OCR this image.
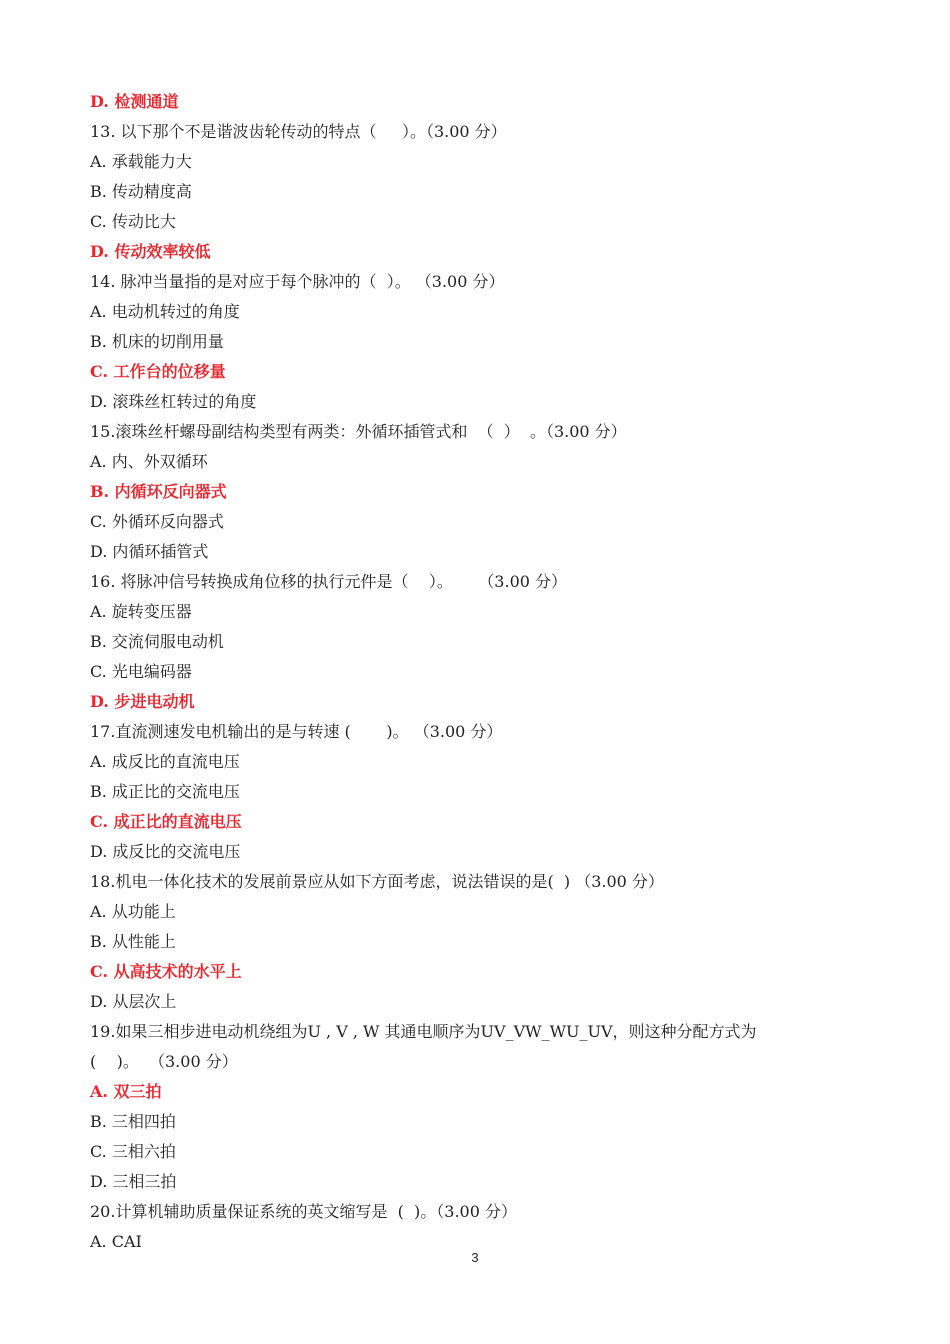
D. 检测通道
13. 以下那个不是谐波齿轮传动的特点（     ）。（3.00 分）
A. 承载能力大
B. 传动精度高
C. 传动比大
D. 传动效率较低
14. 脉冲当量指的是对应于每个脉冲的（  ）。 （3.00 分）
A. 电动机转过的角度
B. 机床的切削用量
C. 工作台的位移量
D. 滚珠丝杠转过的角度
15.滚珠丝杆螺母副结构类型有两类：外循环插管式和  （  ）  。（3.00 分）
A. 内、外双循环
B. 内循环反向器式
C. 外循环反向器式
D. 内循环插管式
16. 将脉冲信号转换成角位移的执行元件是（    ）。     （3.00 分）
A. 旋转变压器
B. 交流伺服电动机
C. 光电编码器
D. 步进电动机
17.直流测速发电机输出的是与转速 (       )。 （3.00 分）
A. 成反比的直流电压
B. 成正比的交流电压
C. 成正比的直流电压
D. 成反比的交流电压
18.机电一体化技术的发展前景应从如下方面考虑，说法错误的是(  ) （3.00 分）
A. 从功能上
B. 从性能上
C. 从高技术的水平上
D. 从层次上
19.如果三相步进电动机绕组为U , V , W 其通电顺序为UV_VW_WU_UV，则这种分配方式为
(    )。  （3.00 分）
A. 双三拍
B. 三相四拍
C. 三相六拍
D. 三相三拍
20.计算机辅助质量保证系统的英文缩写是  (  )。（3.00 分）
A. CAI
3
